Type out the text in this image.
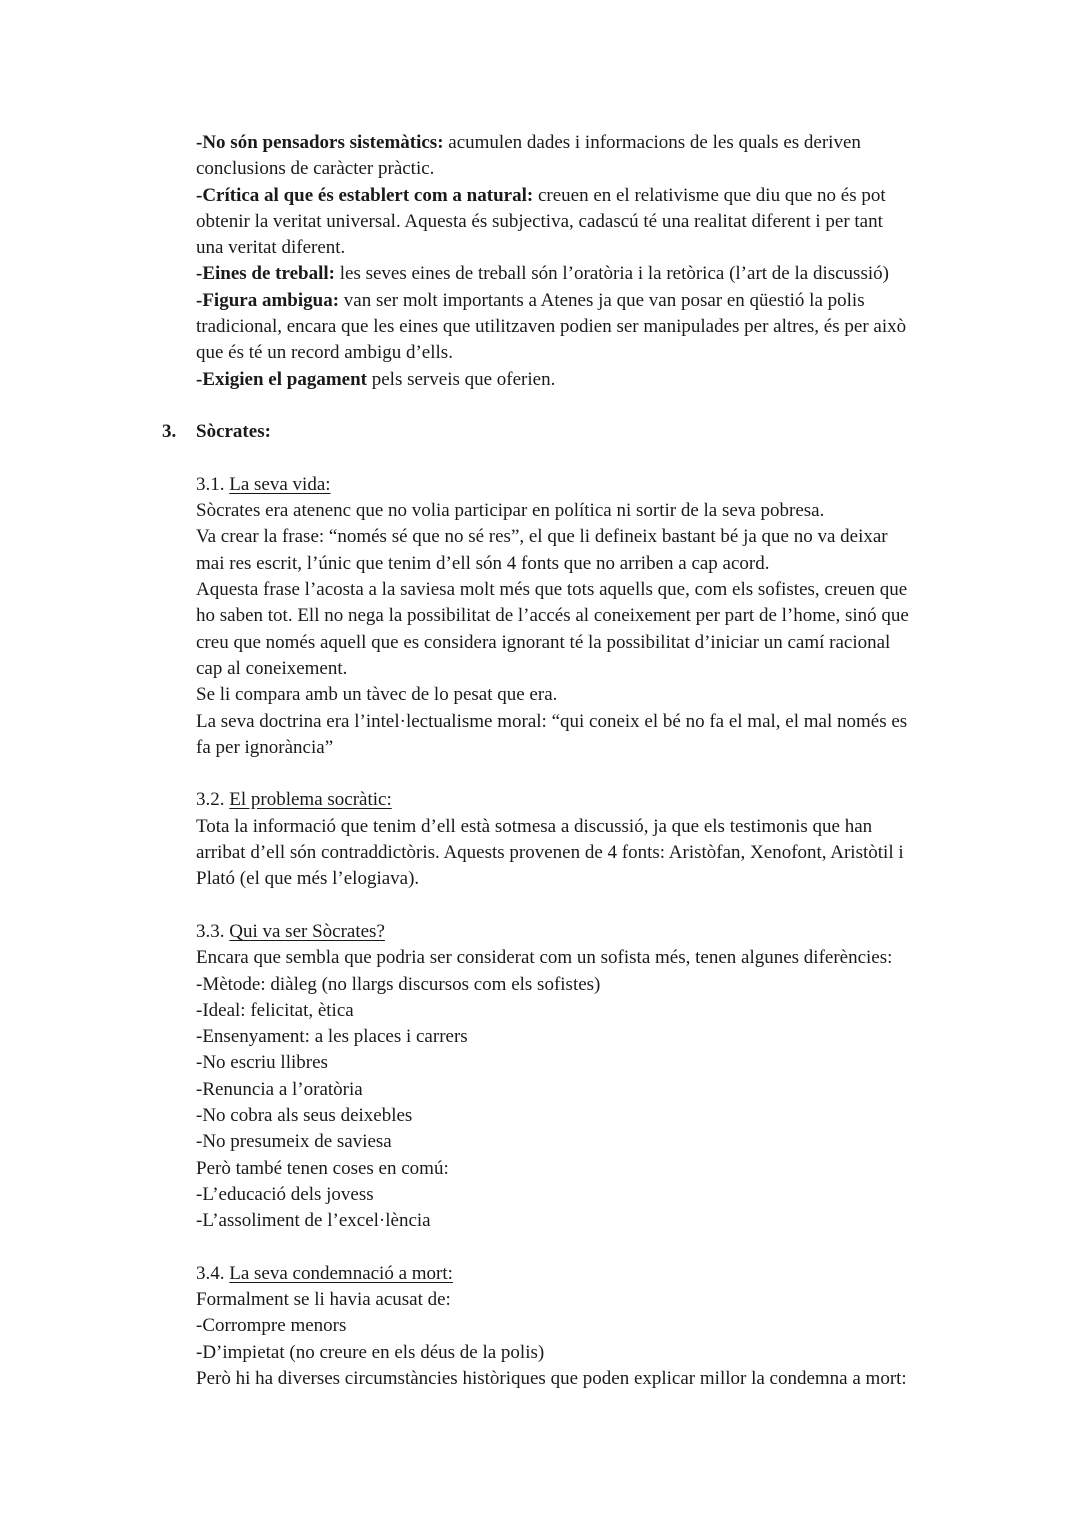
-No són pensadors sistemàtics: acumulen dades i informacions de les quals es deriven

conclusions de caràcter pràctic.

-Crítica al que és establert com a natural: creuen en el relativisme que diu que no és pot

obtenir la veritat universal. Aquesta és subjectiva, cadascú té una realitat diferent i per tant

una veritat diferent.

-Eines de treball: les seves eines de treball són l’oratòria i la retòrica (l’art de la discussió)

-Figura ambigua: van ser molt importants a Atenes ja que van posar en qüestió la polis

tradicional, encara que les eines que utilitzaven podien ser manipulades per altres, és per això

que és té un record ambigu d’ells.

-Exigien el pagament pels serveis que oferien.

3. Sòcrates:

3.1. La seva vida:

Sòcrates era atenenc que no volia participar en política ni sortir de la seva pobresa.

Va crear la frase: “només sé que no sé res”, el que li defineix bastant bé ja que no va deixar

mai res escrit, l’únic que tenim d’ell són 4 fonts que no arriben a cap acord.

Aquesta frase l’acosta a la saviesa molt més que tots aquells que, com els sofistes, creuen que

ho saben tot. Ell no nega la possibilitat de l’accés al coneixement per part de l’home, sinó que

creu que només aquell que es considera ignorant té la possibilitat d’iniciar un camí racional

cap al coneixement.

Se li compara amb un tàvec de lo pesat que era.

La seva doctrina era l’intel·lectualisme moral: “qui coneix el bé no fa el mal, el mal només es

fa per ignorància”

3.2. El problema socràtic:

Tota la informació que tenim d’ell està sotmesa a discussió, ja que els testimonis que han

arribat d’ell són contraddictòris. Aquests provenen de 4 fonts: Aristòfan, Xenofont, Aristòtil i

Plató (el que més l’elogiava).

3.3. Qui va ser Sòcrates?

Encara que sembla que podria ser considerat com un sofista més, tenen algunes diferències:

-Mètode: diàleg (no llargs discursos com els sofistes)

-Ideal: felicitat, ètica

-Ensenyament: a les places i carrers

-No escriu llibres

-Renuncia a l’oratòria

-No cobra als seus deixebles

-No presumeix de saviesa

Però també tenen coses en comú:

-L’educació dels jovess

-L’assoliment de l’excel·lència

3.4. La seva condemnació a mort:

Formalment se li havia acusat de:

-Corrompre menors

-D’impietat (no creure en els déus de la polis)

Però hi ha diverses circumstàncies històriques que poden explicar millor la condemna a mort:
